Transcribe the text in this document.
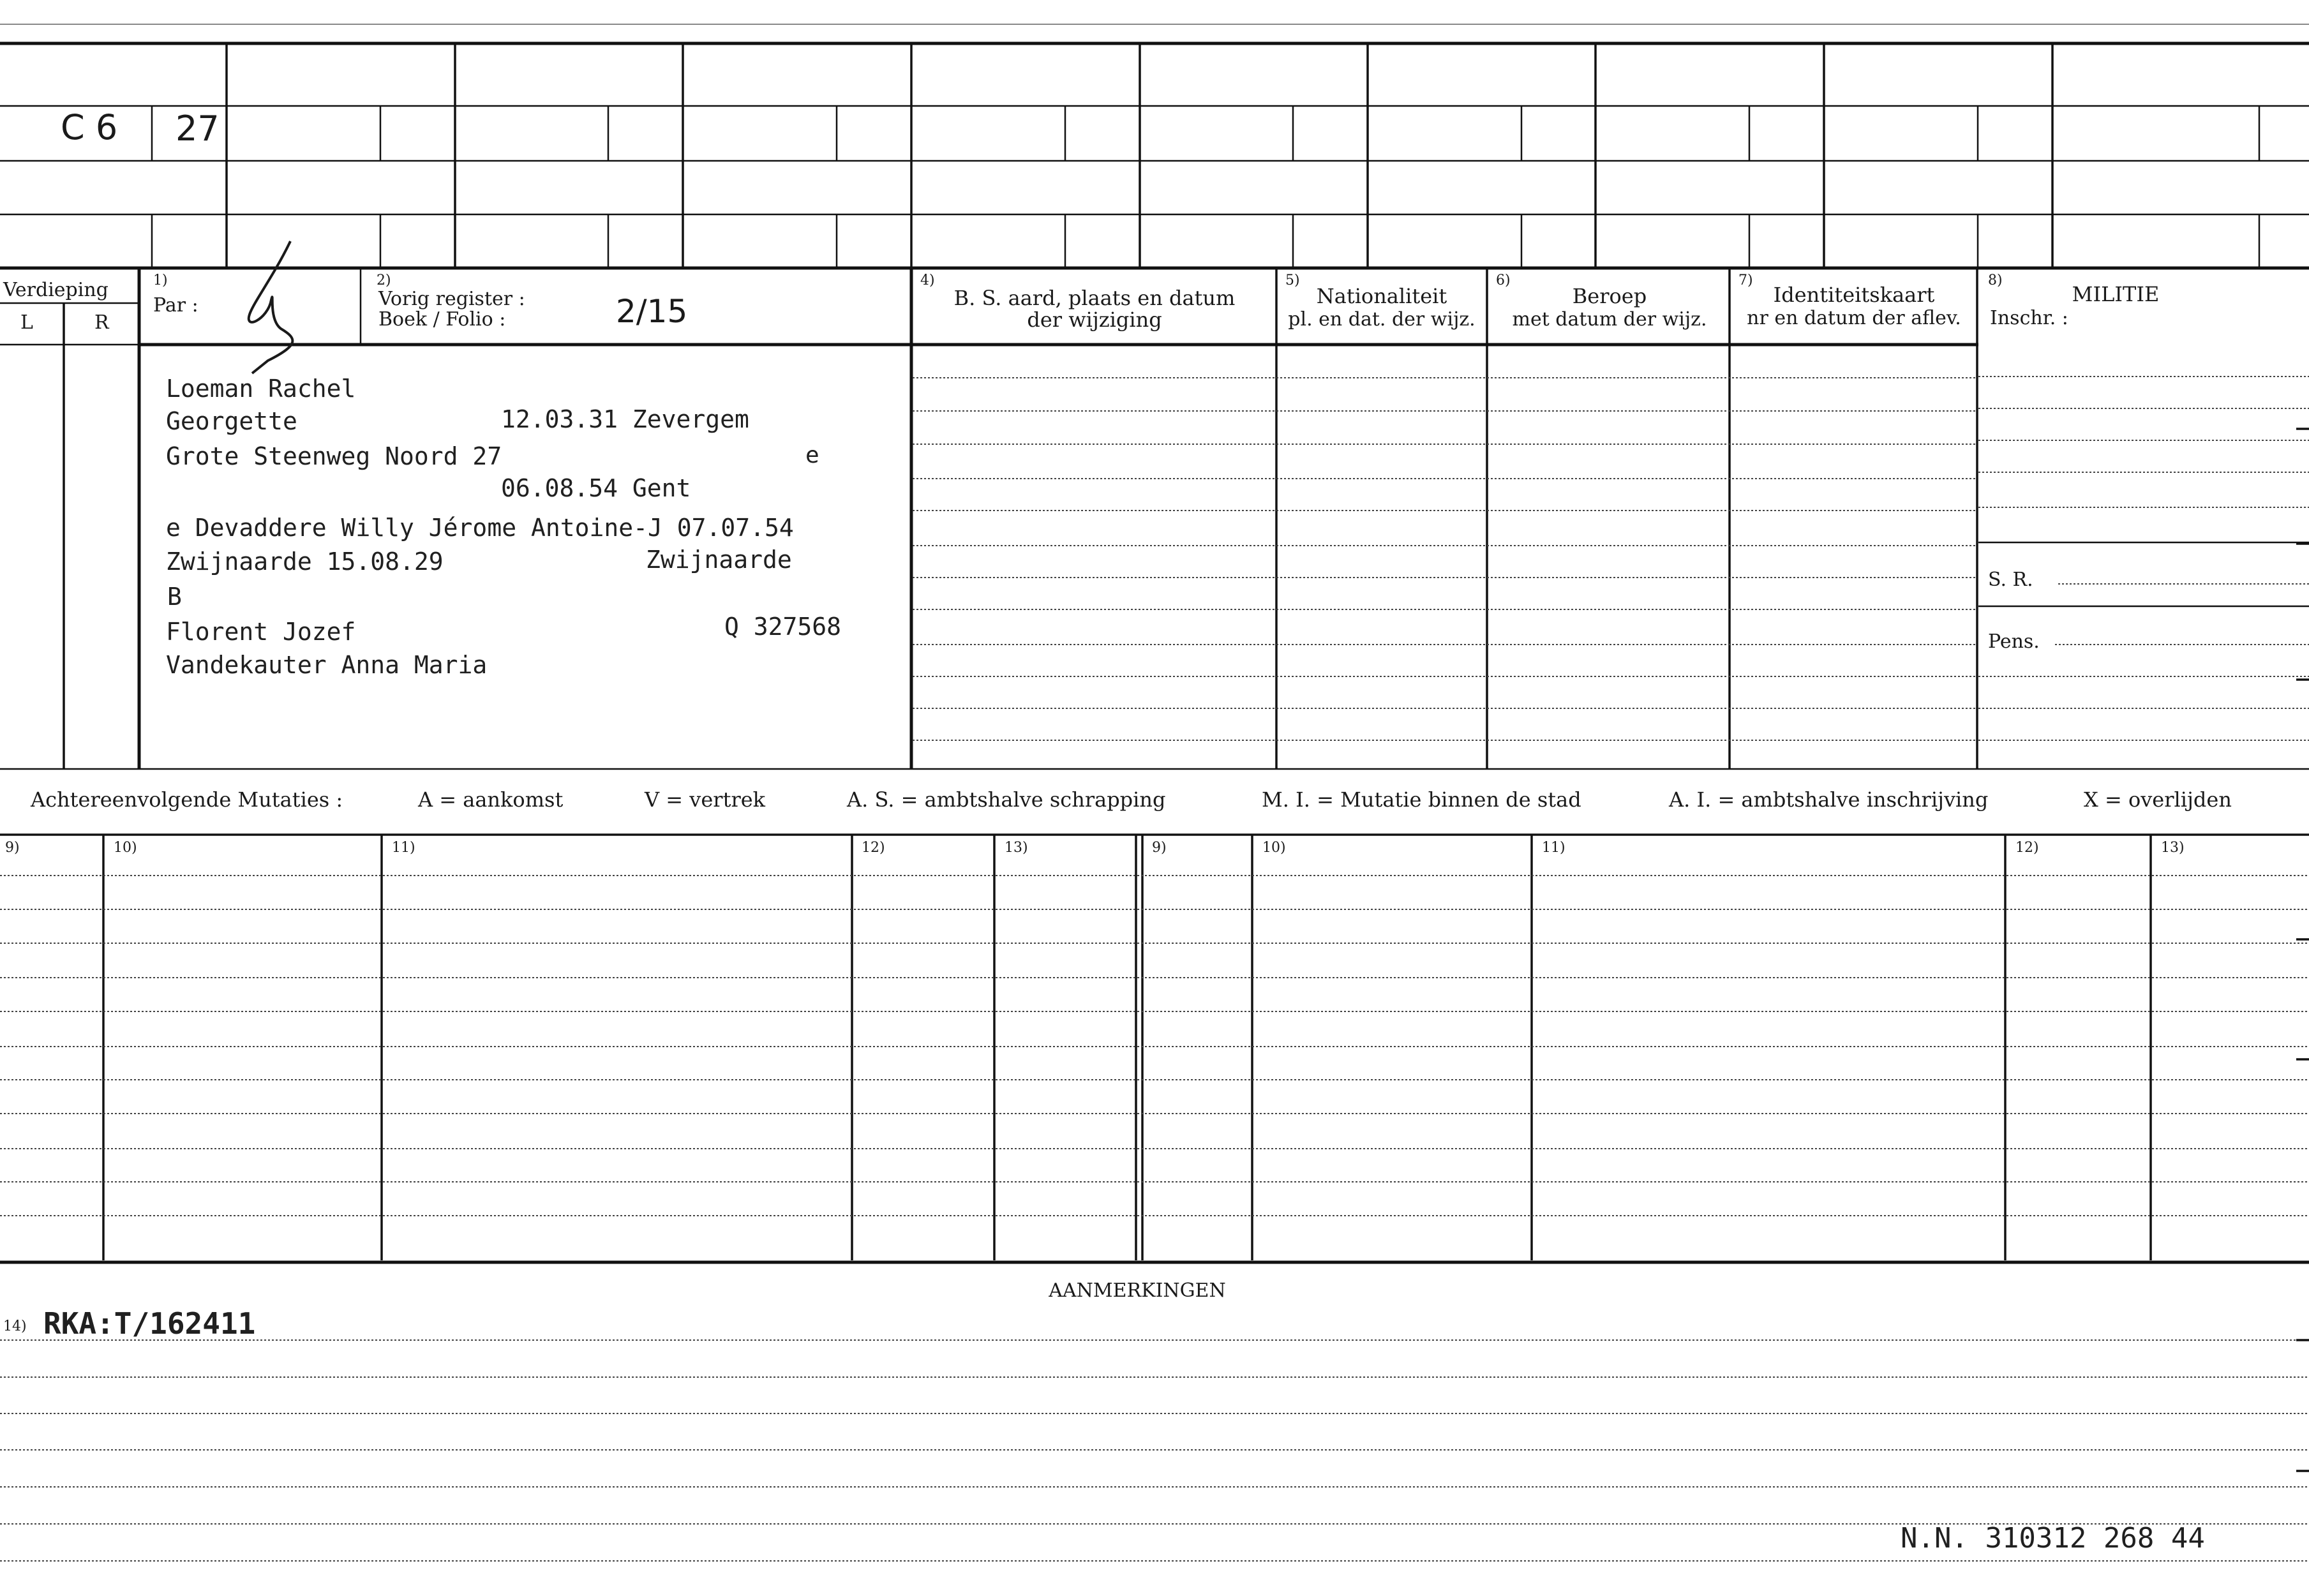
C 6 27
Verdieping
L	R
1)
Par :
2)
Vorig register :
Boek / Folio :	2/15
4)
B. S. aard, plaats en datum
der wijziging
5)
Nationaliteit
pl. en dat. der wijz.
6)
Beroep
met datum der wijz.
7)
Identiteitskaart
nr en datum der aflev.
8)
MILITIE
Inschr. :
S. R.
Pens.
Loeman Rachel
Georgette	12.03.31 Zevergem
Grote Steenweg Noord 27	e
06.08.54 Gent
e Devaddere Willy Jérome Antoine-J 07.07.54
Zwijnaarde 15.08.29	Zwijnaarde
B
Florent Jozef	Q 327568
Vandekauter Anna Maria
Achtereenvolgende Mutaties :	A = aankomst	V = vertrek	A. S. = ambtshalve schrapping	M. I. = Mutatie binnen de stad	A. I. = ambtshalve inschrijving	X = overlijden
9)	10)	11)	12)	13)	9)	10)	11)	12)	13)
AANMERKINGEN
14) RKA:T/162411
N.N. 310312 268 44
